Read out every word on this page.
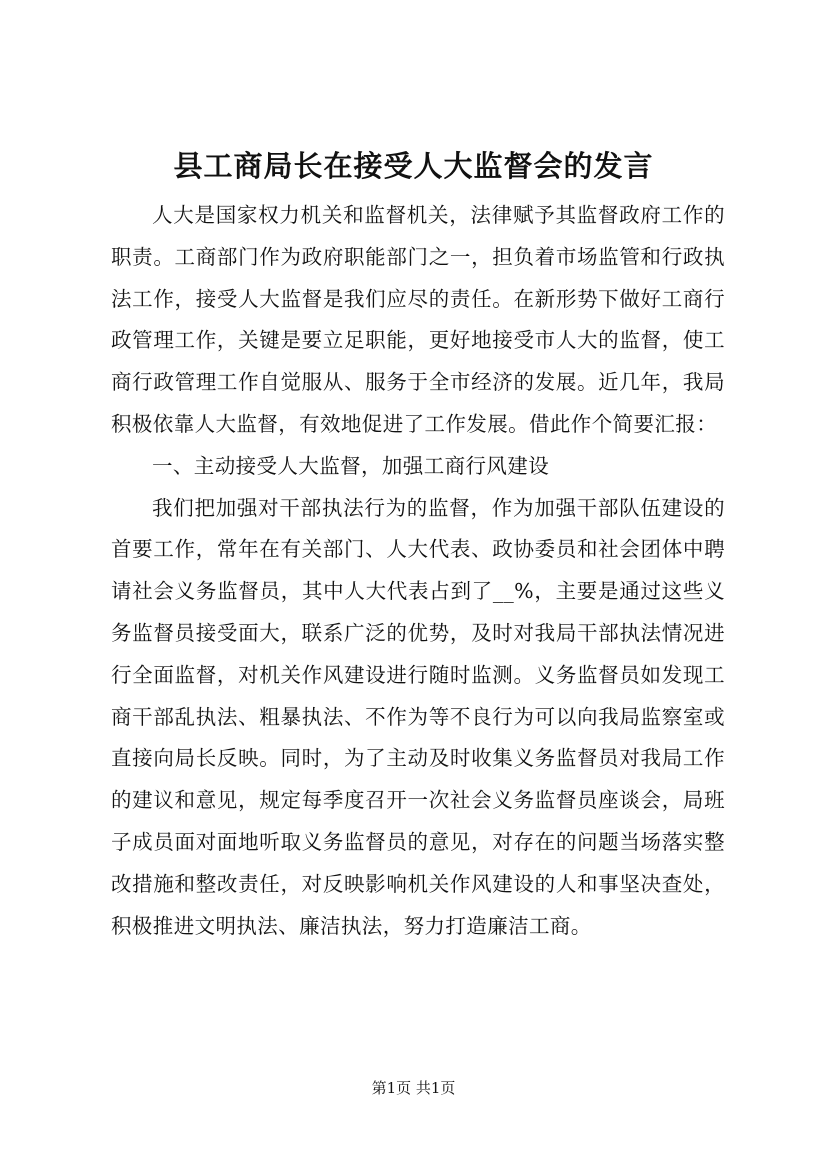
县工商局长在接受人大监督会的发言

人大是国家权力机关和监督机关，法律赋予其监督政府工作的职责。工商部门作为政府职能部门之一，担负着市场监管和行政执法工作，接受人大监督是我们应尽的责任。在新形势下做好工商行政管理工作，关键是要立足职能，更好地接受市人大的监督，使工商行政管理工作自觉服从、服务于全市经济的发展。近几年，我局积极依靠人大监督，有效地促进了工作发展。借此作个简要汇报：

一、主动接受人大监督，加强工商行风建设

我们把加强对干部执法行为的监督，作为加强干部队伍建设的首要工作，常年在有关部门、人大代表、政协委员和社会团体中聘请社会义务监督员，其中人大代表占到了__%，主要是通过这些义务监督员接受面大，联系广泛的优势，及时对我局干部执法情况进行全面监督，对机关作风建设进行随时监测。义务监督员如发现工商干部乱执法、粗暴执法、不作为等不良行为可以向我局监察室或直接向局长反映。同时，为了主动及时收集义务监督员对我局工作的建议和意见，规定每季度召开一次社会义务监督员座谈会，局班子成员面对面地听取义务监督员的意见，对存在的问题当场落实整改措施和整改责任，对反映影响机关作风建设的人和事坚决查处，积极推进文明执法、廉洁执法，努力打造廉洁工商。

第1页 共1页
